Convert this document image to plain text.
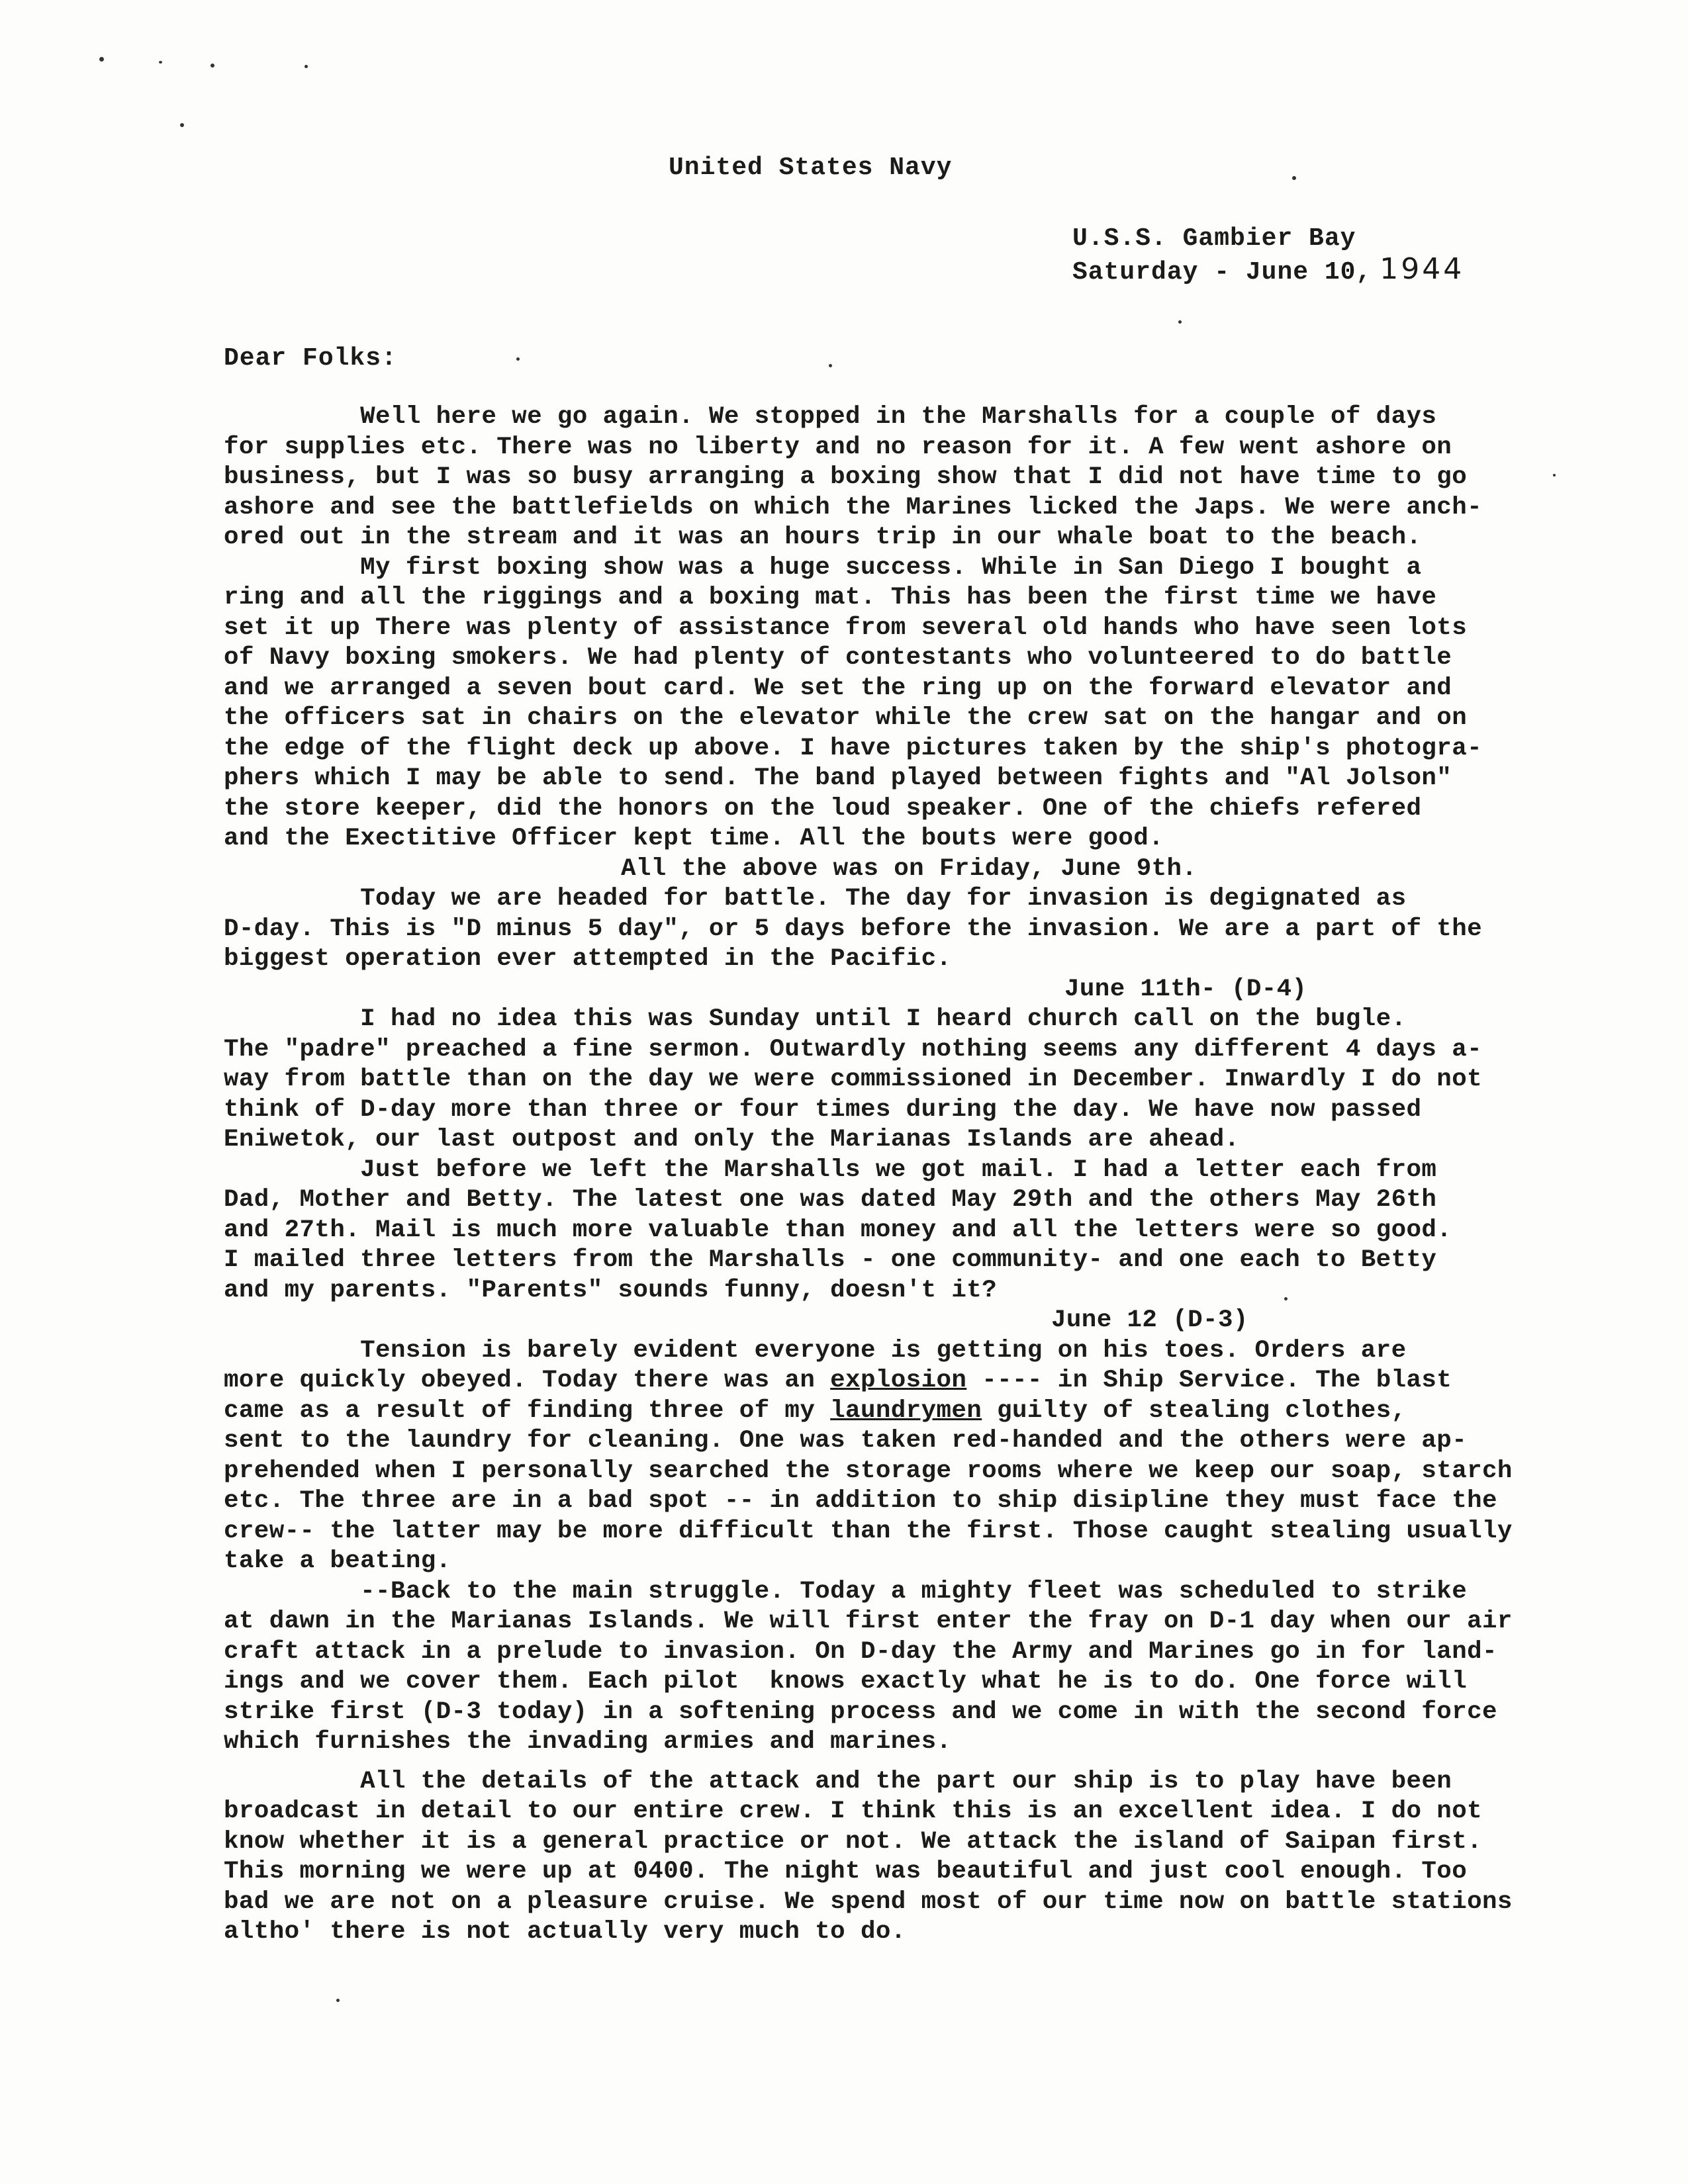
United States Navy
U.S.S. Gambier Bay
Saturday - June 10, 1944
Dear Folks:
Well here we go again. We stopped in the Marshalls for a couple of days
for supplies etc. There was no liberty and no reason for it. A few went ashore on
business, but I was so busy arranging a boxing show that I did not have time to go
ashore and see the battlefields on which the Marines licked the Japs. We were anch-
ored out in the stream and it was an hours trip in our whale boat to the beach.
My first boxing show was a huge success. While in San Diego I bought a
ring and all the riggings and a boxing mat. This has been the first time we have
set it up There was plenty of assistance from several old hands who have seen lots
of Navy boxing smokers. We had plenty of contestants who volunteered to do battle
and we arranged a seven bout card. We set the ring up on the forward elevator and
the officers sat in chairs on the elevator while the crew sat on the hangar and on
the edge of the flight deck up above. I have pictures taken by the ship's photogra-
phers which I may be able to send. The band played between fights and "Al Jolson"
the store keeper, did the honors on the loud speaker. One of the chiefs refered
and the Exectitive Officer kept time. All the bouts were good.
All the above was on Friday, June 9th.
Today we are headed for battle. The day for invasion is degignated as
D-day. This is "D minus 5 day", or 5 days before the invasion. We are a part of the
biggest operation ever attempted in the Pacific.
June 11th- (D-4)
I had no idea this was Sunday until I heard church call on the bugle.
The "padre" preached a fine sermon. Outwardly nothing seems any different 4 days a-
way from battle than on the day we were commissioned in December. Inwardly I do not
think of D-day more than three or four times during the day. We have now passed
Eniwetok, our last outpost and only the Marianas Islands are ahead.
Just before we left the Marshalls we got mail. I had a letter each from
Dad, Mother and Betty. The latest one was dated May 29th and the others May 26th
and 27th. Mail is much more valuable than money and all the letters were so good.
I mailed three letters from the Marshalls - one community- and one each to Betty
and my parents. "Parents" sounds funny, doesn't it?
June 12 (D-3)
Tension is barely evident everyone is getting on his toes. Orders are
more quickly obeyed. Today there was an explosion ---- in Ship Service. The blast
came as a result of finding three of my laundrymen guilty of stealing clothes,
sent to the laundry for cleaning. One was taken red-handed and the others were ap-
prehended when I personally searched the storage rooms where we keep our soap, starch
etc. The three are in a bad spot -- in addition to ship disipline they must face the
crew-- the latter may be more difficult than the first. Those caught stealing usually
take a beating.
--Back to the main struggle. Today a mighty fleet was scheduled to strike
at dawn in the Marianas Islands. We will first enter the fray on D-1 day when our air
craft attack in a prelude to invasion. On D-day the Army and Marines go in for land-
ings and we cover them. Each pilot  knows exactly what he is to do. One force will
strike first (D-3 today) in a softening process and we come in with the second force
which furnishes the invading armies and marines.
All the details of the attack and the part our ship is to play have been
broadcast in detail to our entire crew. I think this is an excellent idea. I do not
know whether it is a general practice or not. We attack the island of Saipan first.
This morning we were up at 0400. The night was beautiful and just cool enough. Too
bad we are not on a pleasure cruise. We spend most of our time now on battle stations
altho' there is not actually very much to do.
